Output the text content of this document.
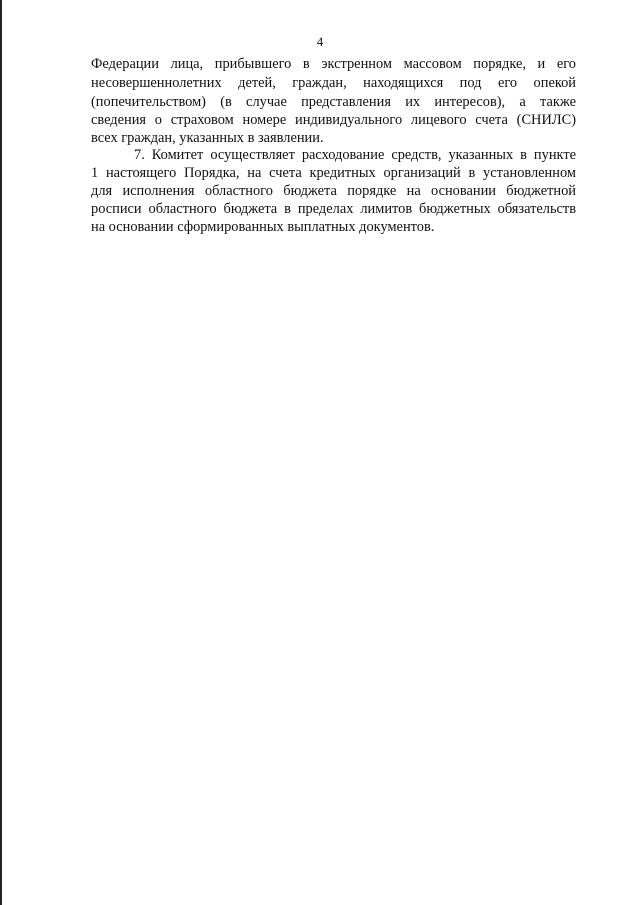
4
Федерации лица, прибывшего в экстренном массовом порядке, и его
несовершеннолетних детей, граждан, находящихся под его опекой
(попечительством) (в случае представления их интересов), а также
сведения о страховом номере индивидуального лицевого счета (СНИЛС)
всех граждан, указанных в заявлении.
7. Комитет осуществляет расходование средств, указанных в пункте
1 настоящего Порядка, на счета кредитных организаций в установленном
для исполнения областного бюджета порядке на основании бюджетной
росписи областного бюджета в пределах лимитов бюджетных обязательств
на основании сформированных выплатных документов.
